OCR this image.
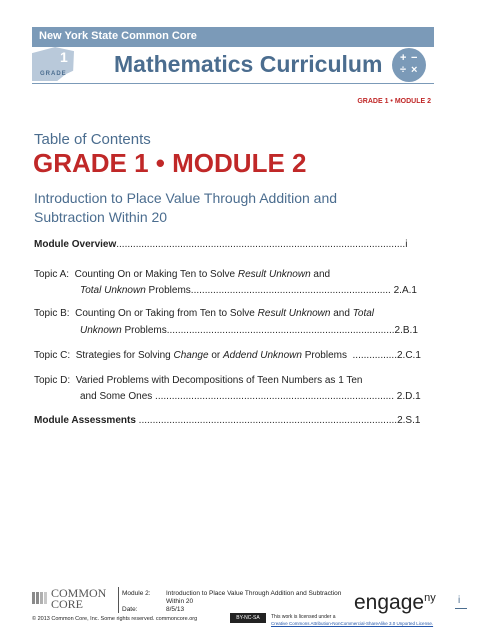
New York State Common Core
1
GRADE Mathematics Curriculum + −
÷ ×
GRADE 1 • MODULE 2
Table of Contents
GRADE 1 • MODULE 2
Introduction to Place Value Through Addition and Subtraction Within 20
Module Overview........................................................................................................i
Topic A: Counting On or Making Ten to Solve Result Unknown and
Total Unknown Problems........................................................................ 2.A.1
Topic B: Counting On or Taking from Ten to Solve Result Unknown and Total
Unknown Problems..................................................................................2.B.1
Topic C: Strategies for Solving Change or Addend Unknown Problems ................2.C.1
Topic D: Varied Problems with Decompositions of Teen Numbers as 1 Ten
and Some Ones ...................................................................................... 2.D.1
Module Assessments .............................................................................................2.S.1
COMMON
CORE
Module 2: Introduction to Place Value Through Addition and Subtraction
Within 20
Date:	8/5/13
© 2013 Common Core, Inc. Some rights reserved. commoncore.org	BY-NC-SA	This work is licensed under a
Creative Commons Attribution-NonCommercial-ShareAlike 3.0 Unported License.
engage$^{ny}$ i
